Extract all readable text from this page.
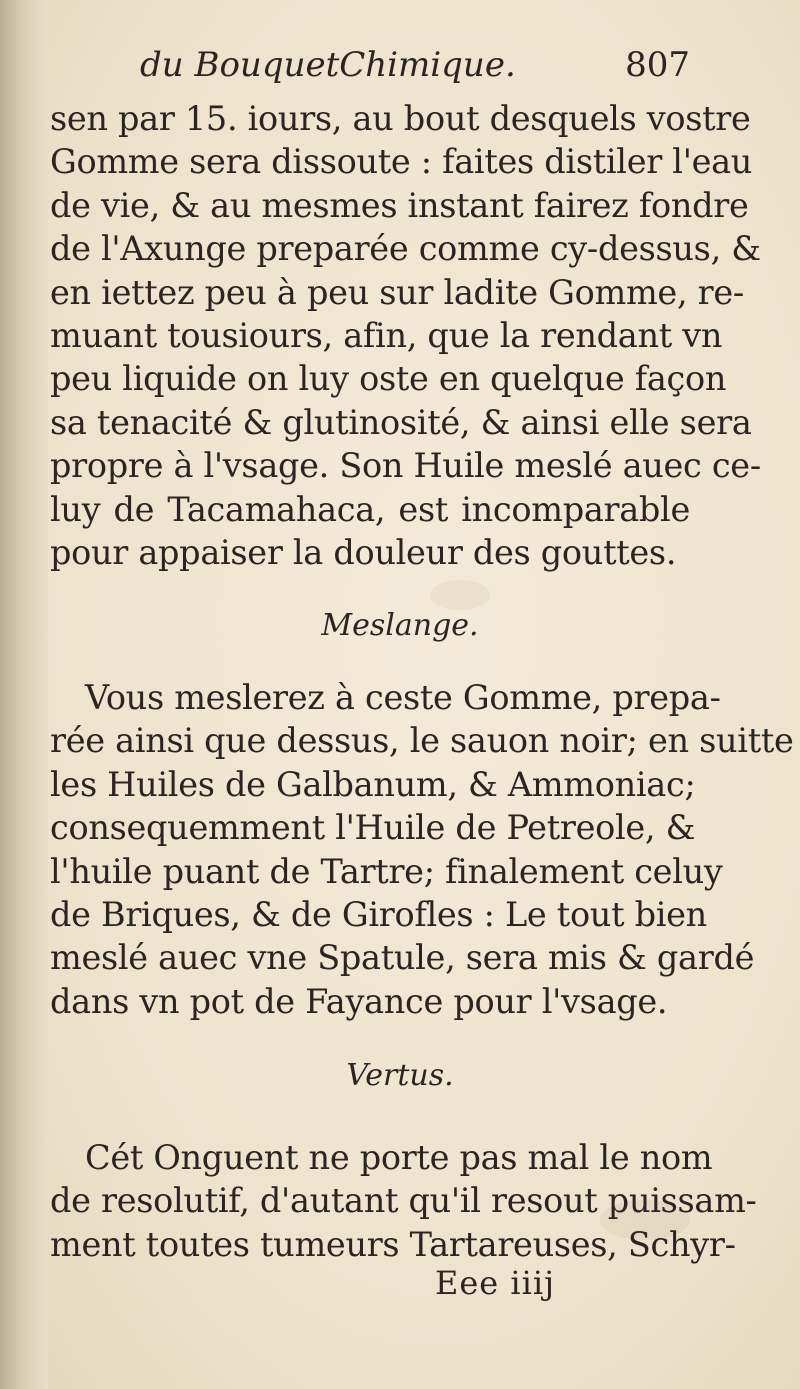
du BouquetChimique.	807
sen par 15. iours, au bout desquels vostre
Gomme sera dissoute : faites distiler l'eau
de vie, & au mesmes instant fairez fondre
de l'Axunge preparée comme cy-dessus, &
en iettez peu à peu sur ladite Gomme, re-
muant tousiours, afin, que la rendant vn
peu liquide on luy oste en quelque façon
sa tenacité & glutinosité, & ainsi elle sera
propre à l'vsage. Son Huile meslé auec ce-
luy de Tacamahaca, est incomparable
pour appaiser la douleur des gouttes.
Meslange.
Vous meslerez à ceste Gomme, prepa-
rée ainsi que dessus, le sauon noir; en suitte
les Huiles de Galbanum, & Ammoniac;
consequemment l'Huile de Petreole, &
l'huile puant de Tartre; finalement celuy
de Briques, & de Girofles : Le tout bien
meslé auec vne Spatule, sera mis & gardé
dans vn pot de Fayance pour l'vsage.
Vertus.
Cét Onguent ne porte pas mal le nom
de resolutif, d'autant qu'il resout puissam-
ment toutes tumeurs Tartareuses, Schyr-
Eee iiij
